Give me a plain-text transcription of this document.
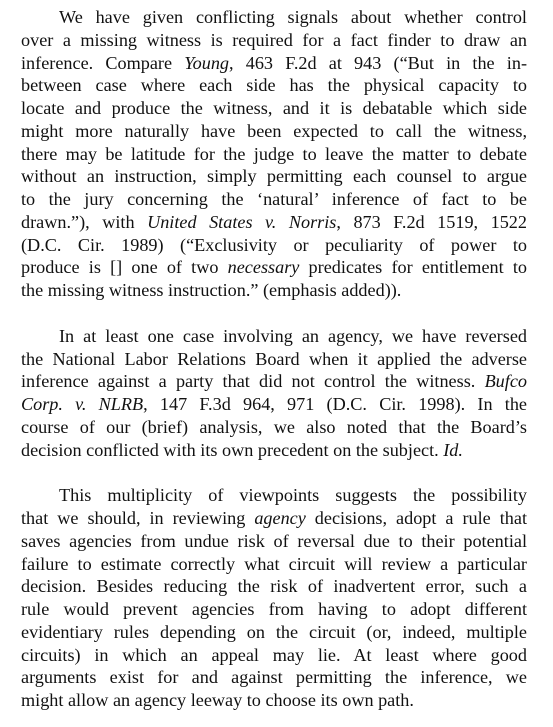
We have given conflicting signals about whether control
over a missing witness is required for a fact finder to draw an
inference. Compare Young, 463 F.2d at 943 (“But in the in-
between case where each side has the physical capacity to
locate and produce the witness, and it is debatable which side
might more naturally have been expected to call the witness,
there may be latitude for the judge to leave the matter to debate
without an instruction, simply permitting each counsel to argue
to the jury concerning the ‘natural’ inference of fact to be
drawn.”), with United States v. Norris, 873 F.2d 1519, 1522
(D.C. Cir. 1989) (“Exclusivity or peculiarity of power to
produce is [] one of two necessary predicates for entitlement to
the missing witness instruction.” (emphasis added)).

In at least one case involving an agency, we have reversed
the National Labor Relations Board when it applied the adverse
inference against a party that did not control the witness. Bufco
Corp. v. NLRB, 147 F.3d 964, 971 (D.C. Cir. 1998). In the
course of our (brief) analysis, we also noted that the Board’s
decision conflicted with its own precedent on the subject. Id.

This multiplicity of viewpoints suggests the possibility
that we should, in reviewing agency decisions, adopt a rule that
saves agencies from undue risk of reversal due to their potential
failure to estimate correctly what circuit will review a particular
decision. Besides reducing the risk of inadvertent error, such a
rule would prevent agencies from having to adopt different
evidentiary rules depending on the circuit (or, indeed, multiple
circuits) in which an appeal may lie. At least where good
arguments exist for and against permitting the inference, we
might allow an agency leeway to choose its own path.
